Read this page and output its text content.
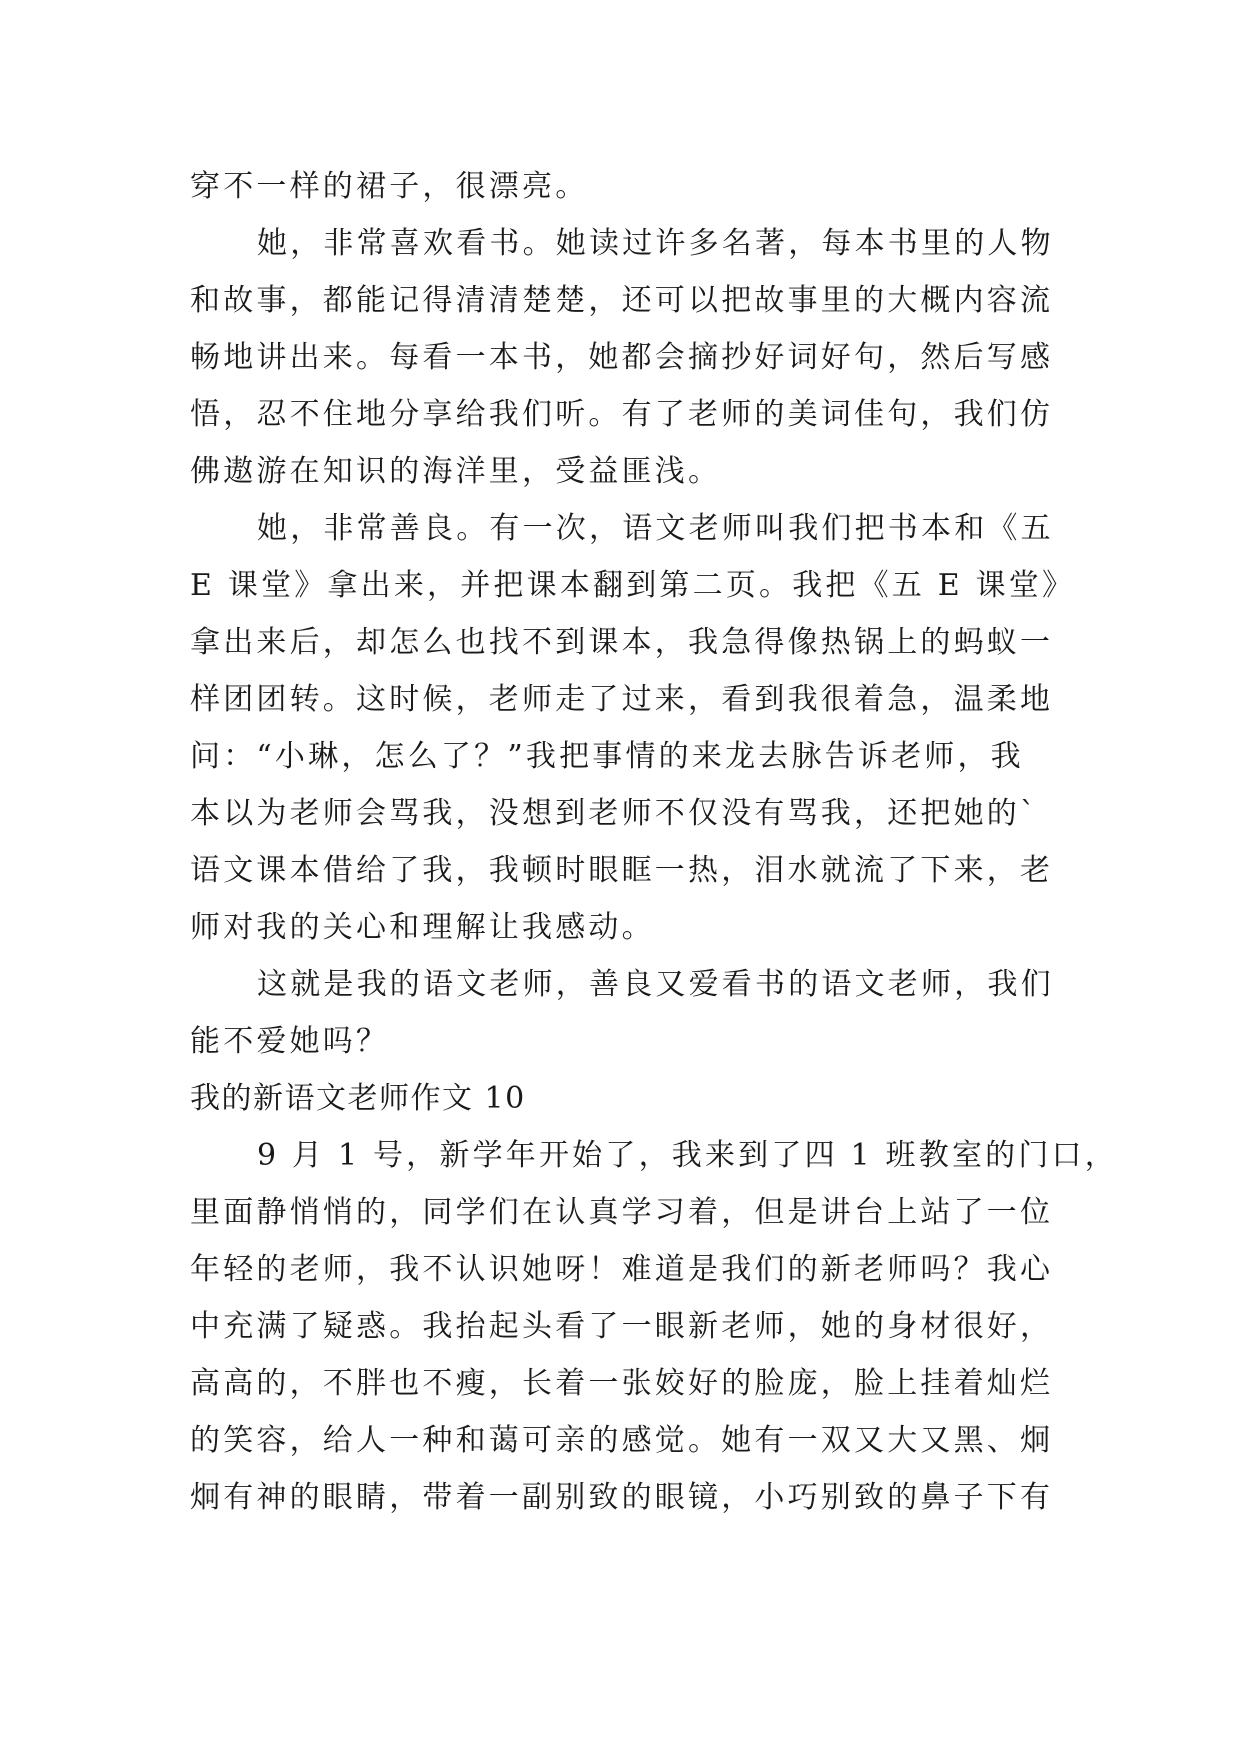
穿不一样的裙子，很漂亮。
她，非常喜欢看书。她读过许多名著，每本书里的人物
和故事，都能记得清清楚楚，还可以把故事里的大概内容流
畅地讲出来。每看一本书，她都会摘抄好词好句，然后写感
悟，忍不住地分享给我们听。有了老师的美词佳句，我们仿
佛遨游在知识的海洋里，受益匪浅。
她，非常善良。有一次，语文老师叫我们把书本和《五
E 课堂》拿出来，并把课本翻到第二页。我把《五 E 课堂》
拿出来后，却怎么也找不到课本，我急得像热锅上的蚂蚁一
样团团转。这时候，老师走了过来，看到我很着急，温柔地
问：“小琳，怎么了？”我把事情的来龙去脉告诉老师，我
本以为老师会骂我，没想到老师不仅没有骂我，还把她的`
语文课本借给了我，我顿时眼眶一热，泪水就流了下来，老
师对我的关心和理解让我感动。
这就是我的语文老师，善良又爱看书的语文老师，我们
能不爱她吗？
我的新语文老师作文 10
9 月 1 号，新学年开始了，我来到了四 1 班教室的门口，
里面静悄悄的，同学们在认真学习着，但是讲台上站了一位
年轻的老师，我不认识她呀！难道是我们的新老师吗？我心
中充满了疑惑。我抬起头看了一眼新老师，她的身材很好，
高高的，不胖也不瘦，长着一张姣好的脸庞，脸上挂着灿烂
的笑容，给人一种和蔼可亲的感觉。她有一双又大又黑、炯
炯有神的眼睛，带着一副别致的眼镜，小巧别致的鼻子下有
